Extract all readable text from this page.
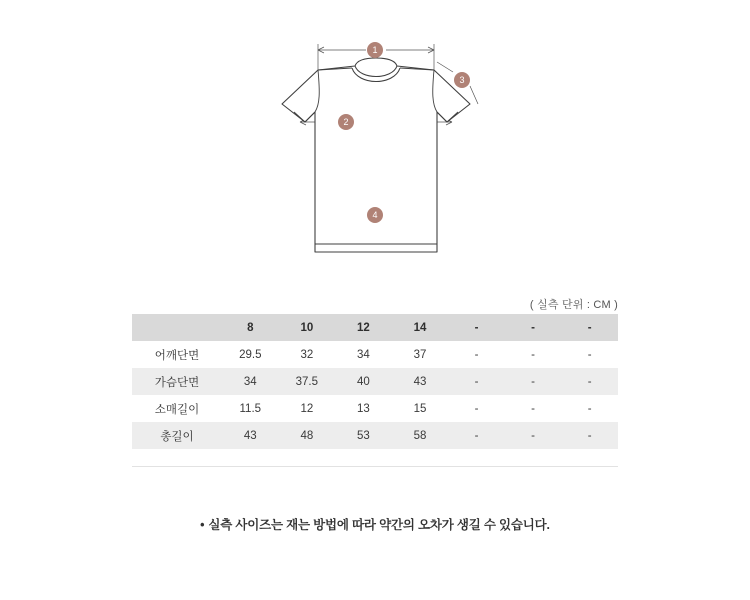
1
2
3
4
( 실측 단위 : CM )
	8	10	12	14	-	-	-
어깨단면	29.5	32	34	37	-	-	-
가슴단면	34	37.5	40	43	-	-	-
소매길이	11.5	12	13	15	-	-	-
총길이	43	48	53	58	-	-	-
• 실측 사이즈는 재는 방법에 따라 약간의 오차가 생길 수 있습니다.
